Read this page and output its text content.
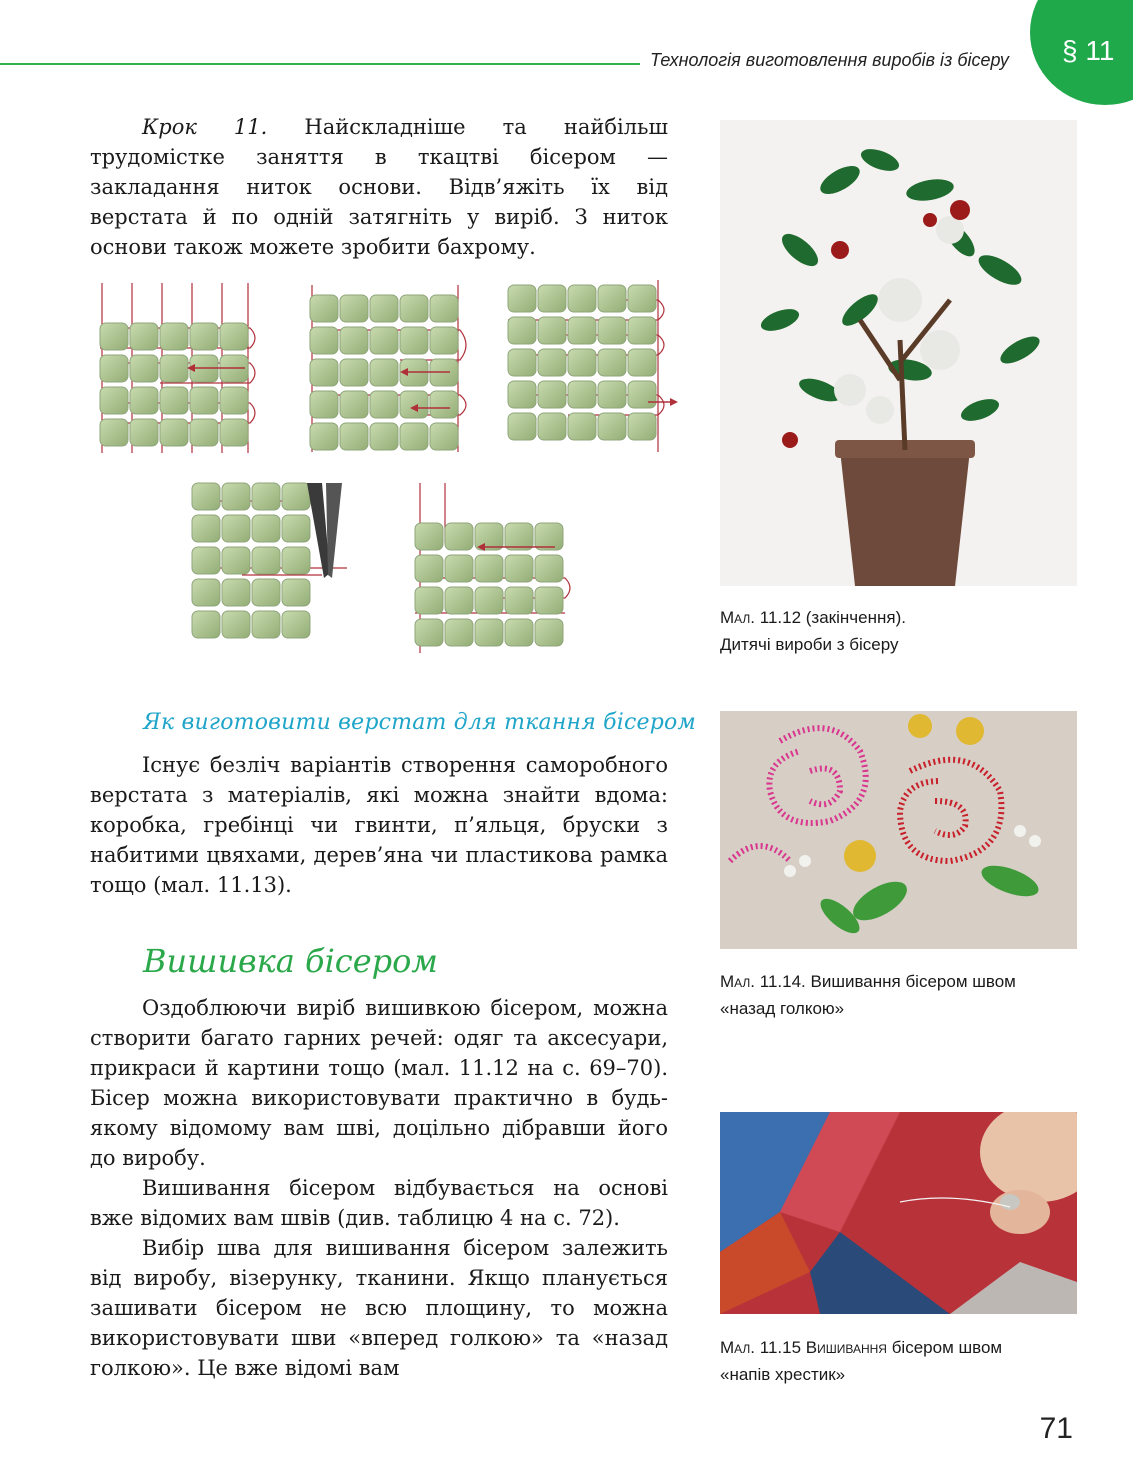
Технологія виготовлення виробів із бісеру § 11

Крок 11. Найскладніше та найбільш трудомістке заняття в ткацтві бісером — закладання ниток основи. Відв’яжіть їх від верстата й по одній затягніть у виріб. З ниток основи також можете зробити бахрому.

Мал. 11.12 (закінчення).
Дитячі вироби з бісеру
Мал. 11.14. Вишивання бісером швом
«назад голкою»
Мал. 11.15 Вишивання бісером швом
«напів хрестик»
Як виготовити верстат для ткання бісером

Існує безліч варіантів створення саморобного верстата з матеріалів, які можна знайти вдома: коробка, гребінці чи гвинти, п’яльця, бруски з набитими цвяхами, дерев’яна чи пластикова рамка тощо (мал. 11.13).

Вишивка бісером

Оздоблюючи виріб вишивкою бісером, можна створити багато гарних речей: одяг та аксесуари, прикраси й картини тощо (мал. 11.12 на с. 69–70). Бісер можна використовувати практично в будь-якому відомому вам шві, доцільно дібравши його до виробу.

Вишивання бісером відбувається на основі вже відомих вам швів (див. таблицю 4 на с. 72).

Вибір шва для вишивання бісером залежить від виробу, візерунку, тканини. Якщо планується зашивати бісером не всю площину, то можна використовувати шви «вперед голкою» та «назад голкою». Це вже відомі вам

71
